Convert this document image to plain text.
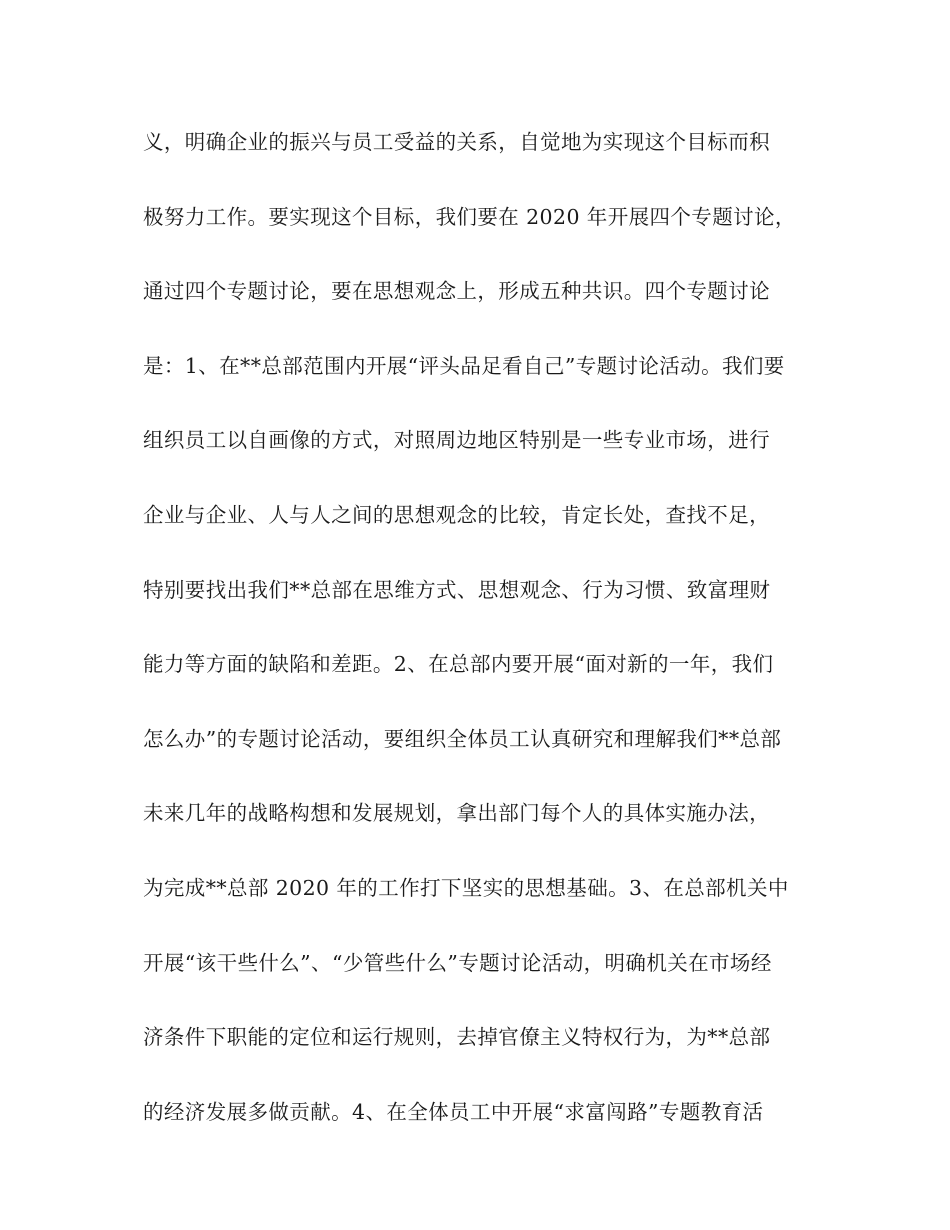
义，明确企业的振兴与员工受益的关系，自觉地为实现这个目标而积
极努力工作。要实现这个目标，我们要在 2020 年开展四个专题讨论，
通过四个专题讨论，要在思想观念上，形成五种共识。四个专题讨论
是：1、在**总部范围内开展“评头品足看自己”专题讨论活动。我们要
组织员工以自画像的方式，对照周边地区特别是一些专业市场，进行
企业与企业、人与人之间的思想观念的比较，肯定长处，查找不足，
特别要找出我们**总部在思维方式、思想观念、行为习惯、致富理财
能力等方面的缺陷和差距。2、在总部内要开展“面对新的一年，我们
怎么办”的专题讨论活动，要组织全体员工认真研究和理解我们**总部
未来几年的战略构想和发展规划，拿出部门每个人的具体实施办法，
为完成**总部 2020 年的工作打下坚实的思想基础。3、在总部机关中
开展“该干些什么”、“少管些什么”专题讨论活动，明确机关在市场经
济条件下职能的定位和运行规则，去掉官僚主义特权行为，为**总部
的经济发展多做贡献。4、在全体员工中开展“求富闯路”专题教育活
